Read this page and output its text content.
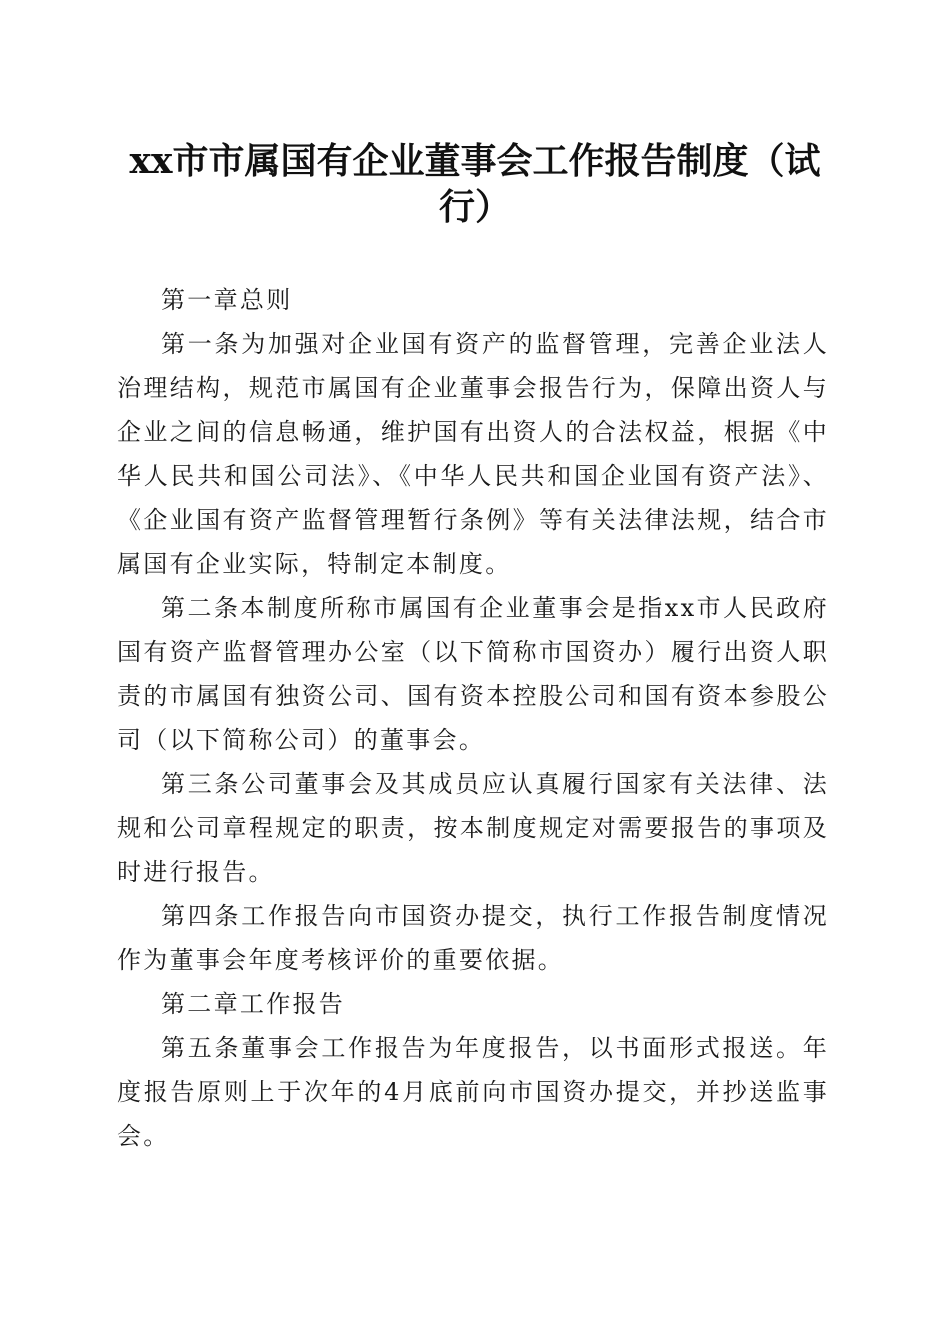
xx市市属国有企业董事会工作报告制度（试行）

第一章总则

第一条为加强对企业国有资产的监督管理，完善企业法人治理结构，规范市属国有企业董事会报告行为，保障出资人与企业之间的信息畅通，维护国有出资人的合法权益，根据《中华人民共和国公司法》、《中华人民共和国企业国有资产法》、《企业国有资产监督管理暂行条例》等有关法律法规，结合市属国有企业实际，特制定本制度。

第二条本制度所称市属国有企业董事会是指xx市人民政府国有资产监督管理办公室（以下简称市国资办）履行出资人职责的市属国有独资公司、国有资本控股公司和国有资本参股公司（以下简称公司）的董事会。

第三条公司董事会及其成员应认真履行国家有关法律、法规和公司章程规定的职责，按本制度规定对需要报告的事项及时进行报告。

第四条工作报告向市国资办提交，执行工作报告制度情况作为董事会年度考核评价的重要依据。

第二章工作报告

第五条董事会工作报告为年度报告，以书面形式报送。年度报告原则上于次年的4月底前向市国资办提交，并抄送监事会。
